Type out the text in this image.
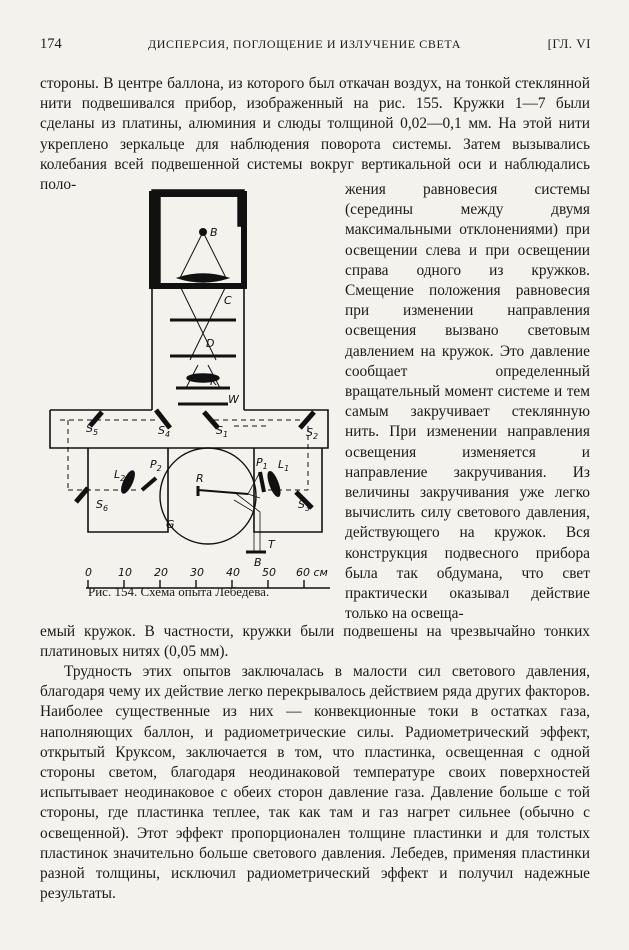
174	ДИСПЕРСИЯ, ПОГЛОЩЕНИЕ И ИЗЛУЧЕНИЕ СВЕТА	[ГЛ. VI

стороны. В центре баллона, из которого был откачан воздух, на тонкой стеклянной нити подвешивался прибор, изображенный на рис. 155. Кружки 1—7 были сделаны из платины, алюминия и слюды толщиной 0,02—0,1 мм. На этой нити укреплено зеркальце для наблюдения поворота системы. Затем вызывались колебания всей подвешенной системы вокруг вертикальной оси и наблюдались поло-	жения равновесия системы (середины между двумя максимальными отклонениями) при освещении слева и при освещении справа одного из кружков. Смещение положения равновесия при изменении направления освещения вызвано световым давлением на кружок. Это давление сообщает определенный вращательный момент системе и тем самым закручивает стеклянную нить. При изменении направления освещения изменяется и направление закручивания. Из величины закручивания уже легко вычислить силу светового давления, действующего на кружок. Вся конструкция подвесного прибора была так обдумана, что свет практически оказывал действие только на освеща-

емый кружок. В частности, кружки были подвешены на чрезвычайно тонких платиновых нитях (0,05 мм).

Трудность этих опытов заключалась в малости сил светового давления, благодаря чему их действие легко перекрывалось действием ряда других факторов. Наиболее существенные из них — конвекционные токи в остатках газа, наполняющих баллон, и радиометрические силы. Радиометрический эффект, открытый Круксом, заключается в том, что пластинка, освещенная с одной стороны светом, благодаря неодинаковой температуре своих поверхностей испытывает неодинаковое с обеих сторон давление газа. Давление больше с той стороны, где пластинка теплее, так как там и газ нагрет сильнее (обычно с освещенной). Этот эффект пропорционален толщине пластинки и для толстых пластинок значительно больше светового давления. Лебедев, применяя пластинки разной толщины, исключил радиометрический эффект и получил надежные результаты.

B
C
D
K
W
$S_5$	$S_4$	$S_1$	$S_2$
$S_6$	$S_3$
$L_2$
$L_1$
$P_2$	$P_1$
R
G
T
B
0 10 20 30 40 50 60 см
Рис. 154. Схема опыта Лебедева.
